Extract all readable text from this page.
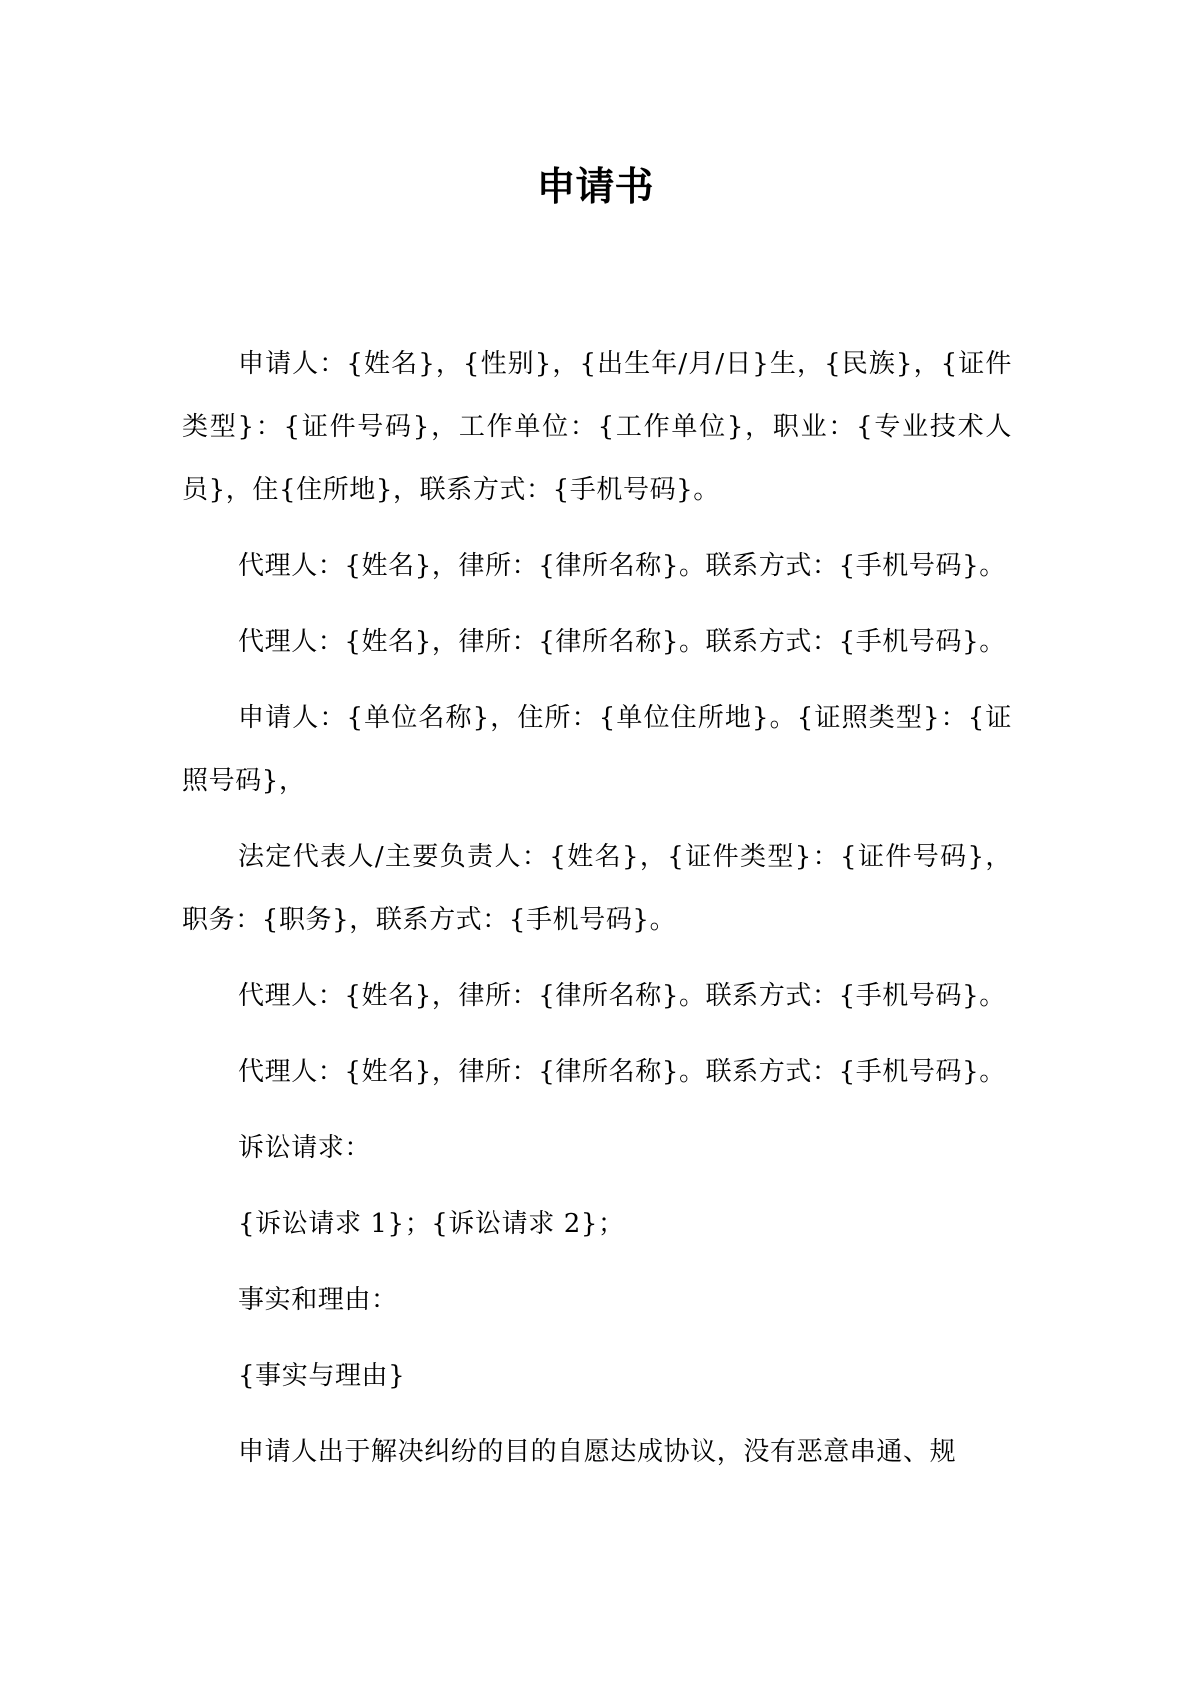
申请书

申请人：{姓名}，{性别}，{出生年/月/日}生，{民族}，{证件类型}：{证件号码}，工作单位：{工作单位}，职业：{专业技术人员}，住{住所地}，联系方式：{手机号码}。

代理人：{姓名}，律所：{律所名称}。联系方式：{手机号码}。

代理人：{姓名}，律所：{律所名称}。联系方式：{手机号码}。

申请人：{单位名称}，住所：{单位住所地}。{证照类型}：{证照号码}，

法定代表人/主要负责人：{姓名}，{证件类型}：{证件号码}，职务：{职务}，联系方式：{手机号码}。

代理人：{姓名}，律所：{律所名称}。联系方式：{手机号码}。

代理人：{姓名}，律所：{律所名称}。联系方式：{手机号码}。

诉讼请求：

{诉讼请求 1}；{诉讼请求 2}；

事实和理由：

{事实与理由}

申请人出于解决纠纷的目的自愿达成协议，没有恶意串通、规
